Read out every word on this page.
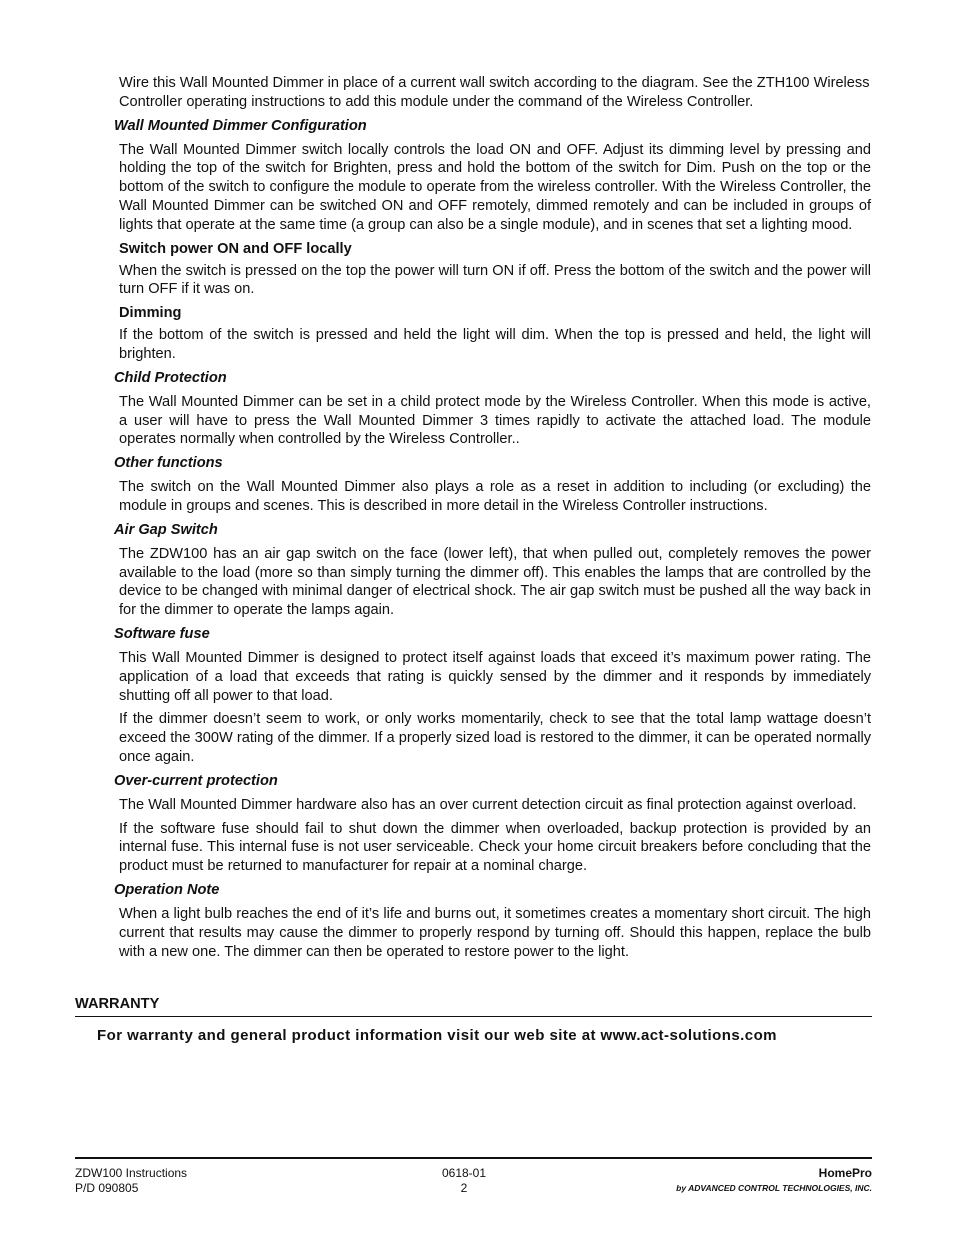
Wire this Wall Mounted Dimmer in place of a current wall switch according to the diagram. See the ZTH100 Wireless Controller operating instructions to add this module under the command of the Wireless Controller.

Wall Mounted Dimmer Configuration

The Wall Mounted Dimmer switch locally controls the load ON and OFF. Adjust its dimming level by pressing and holding the top of the switch for Brighten, press and hold the bottom of the switch for Dim. Push on the top or the bottom of the switch to configure the module to operate from the wireless controller. With the Wireless Controller, the Wall Mounted Dimmer can be switched ON and OFF remotely, dimmed remotely and can be included in groups of lights that operate at the same time (a group can also be a single module), and in scenes that set a lighting mood.

Switch power ON and OFF locally

When the switch is pressed on the top the power will turn ON if off. Press the bottom of the switch and the power will turn OFF if it was on.

Dimming

If the bottom of the switch is pressed and held the light will dim. When the top is pressed and held, the light will brighten.

Child Protection

The Wall Mounted Dimmer can be set in a child protect mode by the Wireless Controller. When this mode is active, a user will have to press the Wall Mounted Dimmer 3 times rapidly to activate the attached load. The module operates normally when controlled by the Wireless Controller..

Other functions

The switch on the Wall Mounted Dimmer also plays a role as a reset in addition to including (or excluding) the module in groups and scenes. This is described in more detail in the Wireless Controller instructions.

Air Gap Switch

The ZDW100 has an air gap switch on the face (lower left), that when pulled out, completely removes the power available to the load (more so than simply turning the dimmer off). This enables the lamps that are controlled by the device to be changed with minimal danger of electrical shock. The air gap switch must be pushed all the way back in for the dimmer to operate the lamps again.

Software fuse

This Wall Mounted Dimmer is designed to protect itself against loads that exceed it’s maximum power rating. The application of a load that exceeds that rating is quickly sensed by the dimmer and it responds by immediately shutting off all power to that load.

If the dimmer doesn’t seem to work, or only works momentarily, check to see that the total lamp wattage doesn’t exceed the 300W rating of the dimmer. If a properly sized load is restored to the dimmer, it can be operated normally once again.

Over-current protection

The Wall Mounted Dimmer hardware also has an over current detection circuit as final protection against overload.

If the software fuse should fail to shut down the dimmer when overloaded, backup protection is provided by an internal fuse. This internal fuse is not user serviceable. Check your home circuit breakers before concluding that the product must be returned to manufacturer for repair at a nominal charge.

Operation Note

When a light bulb reaches the end of it’s life and burns out, it sometimes creates a momentary short circuit. The high current that results may cause the dimmer to properly respond by turning off. Should this happen, replace the bulb with a new one. The dimmer can then be operated to restore power to the light.

WARRANTY
For warranty and general product information visit our web site at www.act-solutions.com
ZDW100 Instructions
P/D 090805
0618-01
2
HomePro
by ADVANCED CONTROL TECHNOLOGIES, INC.
